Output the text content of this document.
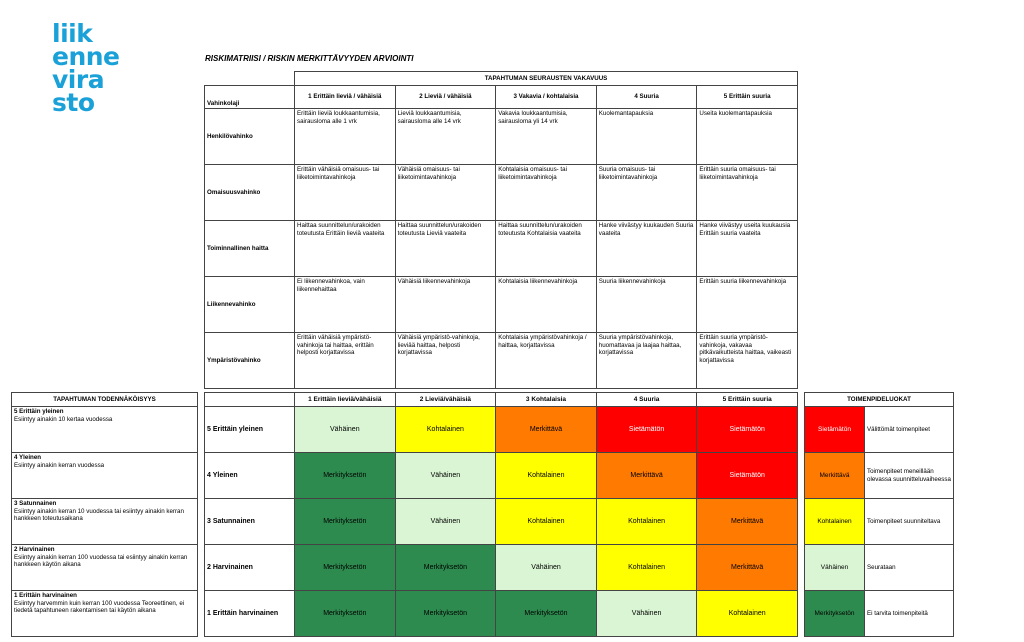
liik
enne
vira
sto
RISKIMATRIISI / RISKIN MERKITTÄVYYDEN ARVIOINTI
	TAPAHTUMAN SEURAUSTEN VAKAVUUS				
Vahinkolaji	1 Erittäin lieviä / vähäisiä	2 Lieviä / vähäisiä	3 Vakavia / kohtalaisia	4 Suuria	5 Erittäin suuria
Henkilövahinko	Erittäin lieviä loukkaantumisia, sairausloma alle 1 vrk	Lieviä loukkaantumisia, sairausloma alle 14 vrk	Vakavia loukkaantumisia, sairausloma yli 14 vrk	Kuolemantapauksia	Useita kuolemantapauksia
Omaisuusvahinko	Erittäin vähäisiä omaisuus- tai liiketoimintavahinkoja	Vähäisiä omaisuus- tai liiketoimintavahinkoja	Kohtalaisia omaisuus- tai liiketoimintavahinkoja	Suuria omaisuus- tai liiketoimintavahinkoja	Erittäin suuria omaisuus- tai liiketoimintavahinkoja
Toiminnallinen haitta	Haittaa suunnittelun/urakoiden toteutusta Erittäin lieviä vaateita	Haittaa suunnittelun/urakoiden toteutusta Lieviä vaateita	Haittaa suunnittelun/urakoiden toteutusta Kohtalaisia vaateita	Hanke viivästyy kuukauden Suuria vaateita	Hanke viivästyy useita kuukausia Erittäin suuria vaateita
Liikennevahinko	Ei liikennevahinkoa, vain liikennehaittaa	Vähäisiä liikennevahinkoja	Kohtalaisia liikennevahinkoja	Suuria liikennevahinkoja	Erittäin suuria liikennevahinkoja
Ympäristövahinko	Erittäin vähäisiä ympäristö-vahinkoja tai haittaa, erittäin helposti korjattavissa	Vähäisiä ympäristö-vahinkoja, lieviää haittaa, helposti korjattavissa	Kohtalaisia ympäristövahinkoja / haittaa, korjattavissa	Suuria ympäristövahinkoja, huomattavaa ja laajaa haittaa, korjattavissa	Erittäin suuria ympäristö-vahinkoja, vakavaa pitkävaikutteista haittaa, vaikeasti korjattavissa
TAPAHTUMAN TODENNÄKÖISYYS

5 Erittäin yleinen
Esiintyy ainakin 10 kertaa vuodessa

4 Yleinen
Esiintyy ainakin kerran vuodessa

3 Satunnainen
Esiintyy ainakin kerran 10 vuodessa tai esiintyy ainakin kerran hankkeen toteutusaikana

2 Harvinainen
Esiintyy ainakin kerran 100 vuodessa tai esiintyy ainakin kerran hankkeen käytön aikana

1 Erittäin harvinainen
Esiintyy harvemmin kuin kerran 100 vuodessa Teoreettinen, ei tiedetä tapahtuneen rakentamisen tai käytön aikana
	1 Erittäin lieviä/vähäisiä	2 Lieviä/vähäisiä	3 Kohtalaisia	4 Suuria	5 Erittäin suuria
5 Erittäin yleinen	Vähäinen	Kohtalainen	Merkittävä	Sietämätön	Sietämätön
4 Yleinen	Merkityksetön	Vähäinen	Kohtalainen	Merkittävä	Sietämätön
3 Satunnainen	Merkityksetön	Vähäinen	Kohtalainen	Kohtalainen	Merkittävä
2 Harvinainen	Merkityksetön	Merkityksetön	Vähäinen	Kohtalainen	Merkittävä
1 Erittäin harvinainen	Merkityksetön	Merkityksetön	Merkityksetön	Vähäinen	Kohtalainen
TOIMENPIDELUOKAT	
Sietämätön	Välittömät toimenpiteet
Merkittävä	Toimenpiteet meneillään olevassa suunnitteluvaiheessa
Kohtalainen	Toimenpiteet suunniteltava
Vähäinen	Seurataan
Merkityksetön	Ei tarvita toimenpiteitä
